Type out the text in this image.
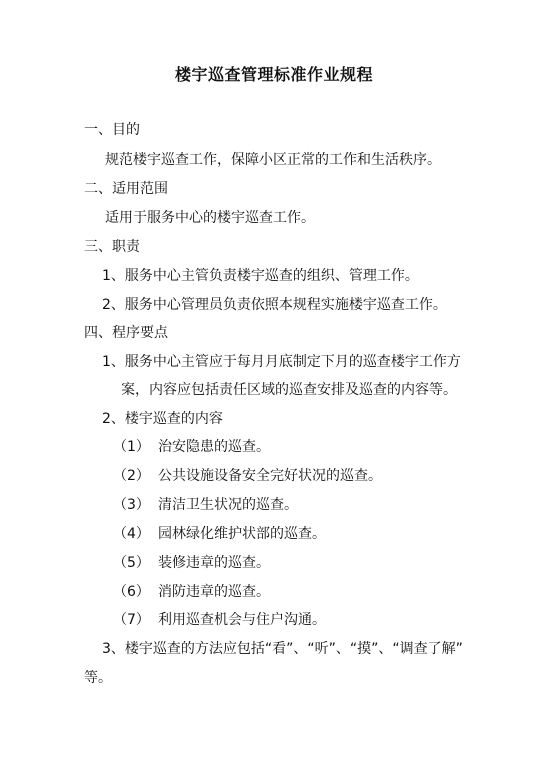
楼宇巡查管理标准作业规程
一、目的
规范楼宇巡查工作，保障小区正常的工作和生活秩序。
二、适用范围
适用于服务中心的楼宇巡查工作。
三、职责
1、服务中心主管负责楼宇巡查的组织、管理工作。
2、服务中心管理员负责依照本规程实施楼宇巡查工作。
四、程序要点
1、服务中心主管应于每月月底制定下月的巡查楼宇工作方
案，内容应包括责任区域的巡查安排及巡查的内容等。
2、楼宇巡查的内容
（1） 治安隐患的巡查。
（2） 公共设施设备安全完好状况的巡查。
（3） 清洁卫生状况的巡查。
（4） 园林绿化维护状部的巡查。
（5） 装修违章的巡查。
（6） 消防违章的巡查。
（7） 利用巡查机会与住户沟通。
3、楼宇巡查的方法应包括“看”、“听”、“摸”、“调查了解”
等。
